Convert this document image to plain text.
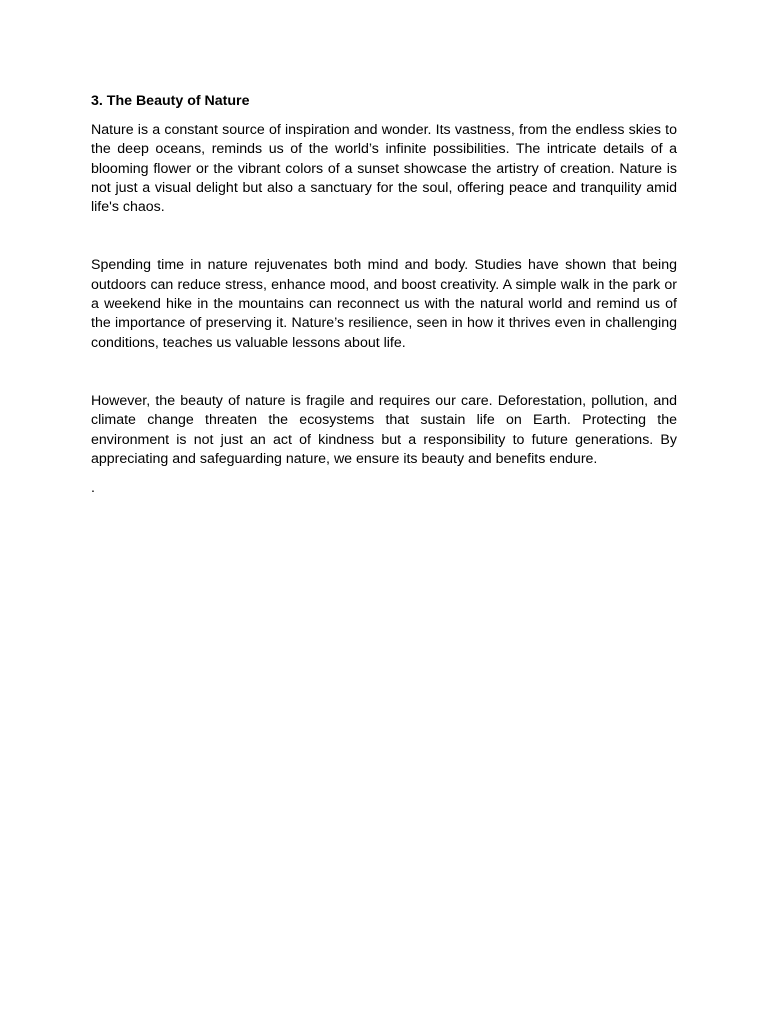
3. The Beauty of Nature

Nature is a constant source of inspiration and wonder. Its vastness, from the endless skies to the deep oceans, reminds us of the world’s infinite possibilities. The intricate details of a blooming flower or the vibrant colors of a sunset showcase the artistry of creation. Nature is not just a visual delight but also a sanctuary for the soul, offering peace and tranquility amid life's chaos.

Spending time in nature rejuvenates both mind and body. Studies have shown that being outdoors can reduce stress, enhance mood, and boost creativity. A simple walk in the park or a weekend hike in the mountains can reconnect us with the natural world and remind us of the importance of preserving it. Nature’s resilience, seen in how it thrives even in challenging conditions, teaches us valuable lessons about life.

However, the beauty of nature is fragile and requires our care. Deforestation, pollution, and climate change threaten the ecosystems that sustain life on Earth. Protecting the environment is not just an act of kindness but a responsibility to future generations. By appreciating and safeguarding nature, we ensure its beauty and benefits endure.

.
